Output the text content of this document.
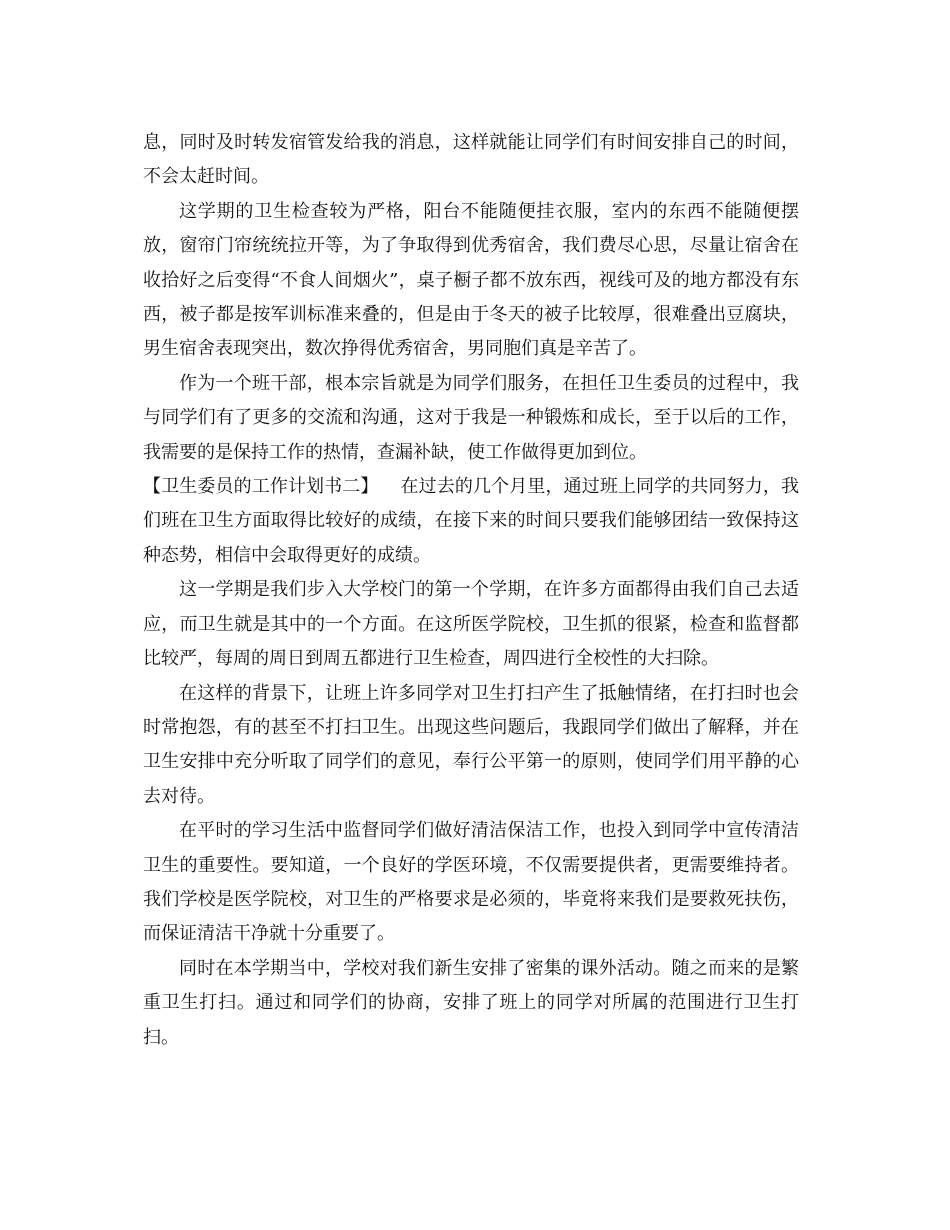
息，同时及时转发宿管发给我的消息，这样就能让同学们有时间安排自己的时间，不会太赶时间。

这学期的卫生检查较为严格，阳台不能随便挂衣服，室内的东西不能随便摆放，窗帘门帘统统拉开等，为了争取得到优秀宿舍，我们费尽心思，尽量让宿舍在收拾好之后变得“不食人间烟火”，桌子橱子都不放东西，视线可及的地方都没有东西，被子都是按军训标准来叠的，但是由于冬天的被子比较厚，很难叠出豆腐块，男生宿舍表现突出，数次挣得优秀宿舍，男同胞们真是辛苦了。

作为一个班干部，根本宗旨就是为同学们服务，在担任卫生委员的过程中，我与同学们有了更多的交流和沟通，这对于我是一种锻炼和成长，至于以后的工作，我需要的是保持工作的热情，查漏补缺，使工作做得更加到位。

【卫生委员的工作计划书二】 在过去的几个月里，通过班上同学的共同努力，我们班在卫生方面取得比较好的成绩，在接下来的时间只要我们能够团结一致保持这种态势，相信中会取得更好的成绩。

这一学期是我们步入大学校门的第一个学期，在许多方面都得由我们自己去适应，而卫生就是其中的一个方面。在这所医学院校，卫生抓的很紧，检查和监督都比较严，每周的周日到周五都进行卫生检查，周四进行全校性的大扫除。

在这样的背景下，让班上许多同学对卫生打扫产生了抵触情绪，在打扫时也会时常抱怨，有的甚至不打扫卫生。出现这些问题后，我跟同学们做出了解释，并在卫生安排中充分听取了同学们的意见，奉行公平第一的原则，使同学们用平静的心去对待。

在平时的学习生活中监督同学们做好清洁保洁工作，也投入到同学中宣传清洁卫生的重要性。要知道，一个良好的学医环境，不仅需要提供者，更需要维持者。我们学校是医学院校，对卫生的严格要求是必须的，毕竟将来我们是要救死扶伤，而保证清洁干净就十分重要了。

同时在本学期当中，学校对我们新生安排了密集的课外活动。随之而来的是繁重卫生打扫。通过和同学们的协商，安排了班上的同学对所属的范围进行卫生打扫。
